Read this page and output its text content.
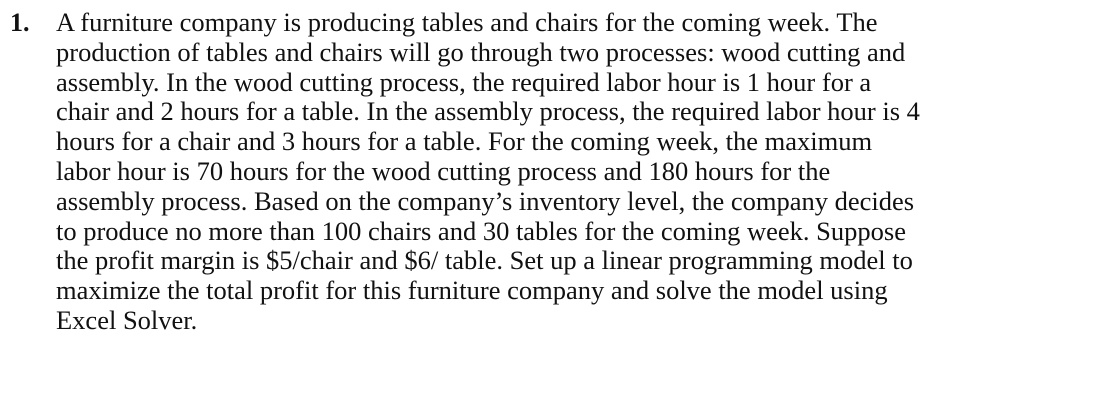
1.	A furniture company is producing tables and chairs for the coming week. The
production of tables and chairs will go through two processes: wood cutting and
assembly. In the wood cutting process, the required labor hour is 1 hour for a
chair and 2 hours for a table. In the assembly process, the required labor hour is 4
hours for a chair and 3 hours for a table. For the coming week, the maximum
labor hour is 70 hours for the wood cutting process and 180 hours for the
assembly process. Based on the company’s inventory level, the company decides
to produce no more than 100 chairs and 30 tables for the coming week. Suppose
the profit margin is $5/chair and $6/ table. Set up a linear programming model to
maximize the total profit for this furniture company and solve the model using
Excel Solver.
